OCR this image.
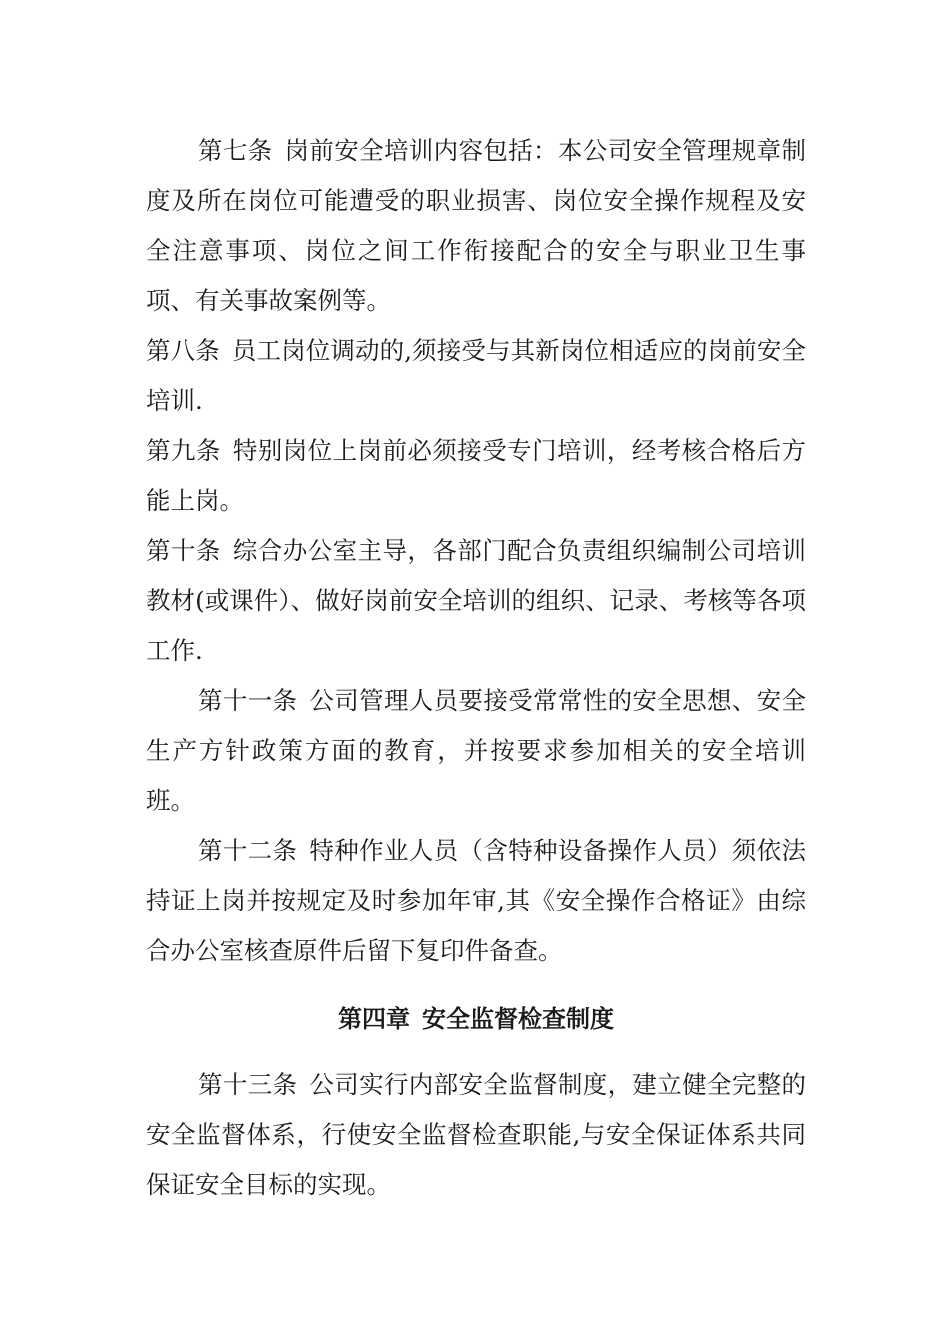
第七条 岗前安全培训内容包括：本公司安全管理规章制度及所在岗位可能遭受的职业损害、岗位安全操作规程及安全注意事项、岗位之间工作衔接配合的安全与职业卫生事项、有关事故案例等。

第八条 员工岗位调动的,须接受与其新岗位相适应的岗前安全培训.

第九条 特别岗位上岗前必须接受专门培训，经考核合格后方能上岗。

第十条 综合办公室主导，各部门配合负责组织编制公司培训教材(或课件）、做好岗前安全培训的组织、记录、考核等各项工作.

第十一条 公司管理人员要接受常常性的安全思想、安全生产方针政策方面的教育，并按要求参加相关的安全培训班。

第十二条 特种作业人员（含特种设备操作人员）须依法持证上岗并按规定及时参加年审,其《安全操作合格证》由综合办公室核查原件后留下复印件备查。

第四章 安全监督检查制度

第十三条 公司实行内部安全监督制度，建立健全完整的安全监督体系，行使安全监督检查职能,与安全保证体系共同保证安全目标的实现。
